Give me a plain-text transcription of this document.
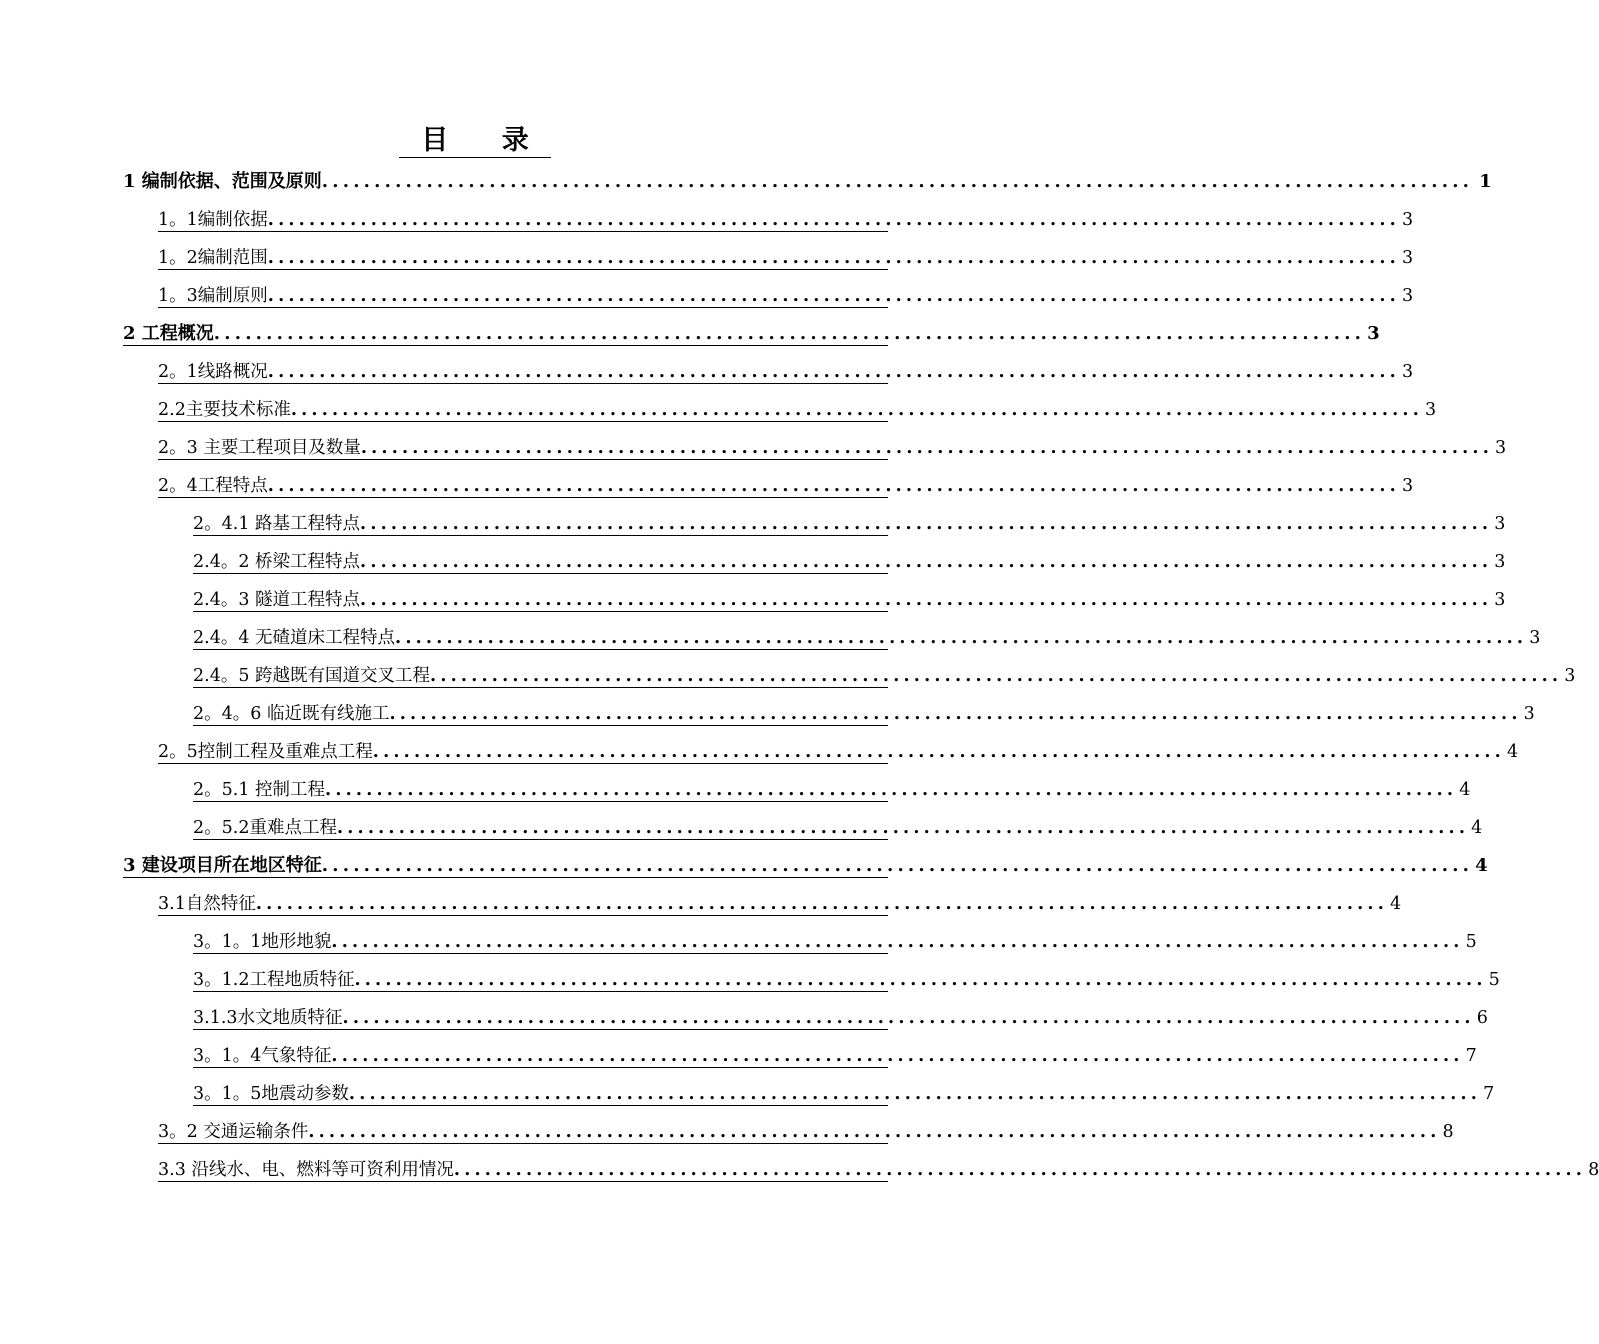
目 录
1 编制依据、范围及原则 .............................................................................................................. 1
1。1编制依据 .............................................................................................................. 3
1。2编制范围 .............................................................................................................. 3
1。3编制原则 .............................................................................................................. 3
2 工程概况 .............................................................................................................. 3
2。1线路概况 .............................................................................................................. 3
2.2主要技术标准 .............................................................................................................. 3
2。3 主要工程项目及数量 .............................................................................................................. 3
2。4工程特点 .............................................................................................................. 3
2。4.1 路基工程特点 .............................................................................................................. 3
2.4。2 桥梁工程特点 .............................................................................................................. 3
2.4。3 隧道工程特点 .............................................................................................................. 3
2.4。4 无碴道床工程特点 .............................................................................................................. 3
2.4。5 跨越既有国道交叉工程 .............................................................................................................. 3
2。4。6 临近既有线施工 .............................................................................................................. 3
2。5控制工程及重难点工程 .............................................................................................................. 4
2。5.1 控制工程 .............................................................................................................. 4
2。5.2重难点工程 .............................................................................................................. 4
3 建设项目所在地区特征 .............................................................................................................. 4
3.1自然特征 .............................................................................................................. 4
3。1。1地形地貌 .............................................................................................................. 5
3。1.2工程地质特征 .............................................................................................................. 5
3.1.3水文地质特征 .............................................................................................................. 6
3。1。4气象特征 .............................................................................................................. 7
3。1。5地震动参数 .............................................................................................................. 7
3。2 交通运输条件 .............................................................................................................. 8
3.3 沿线水、电、燃料等可资利用情况 .............................................................................................................. 8
